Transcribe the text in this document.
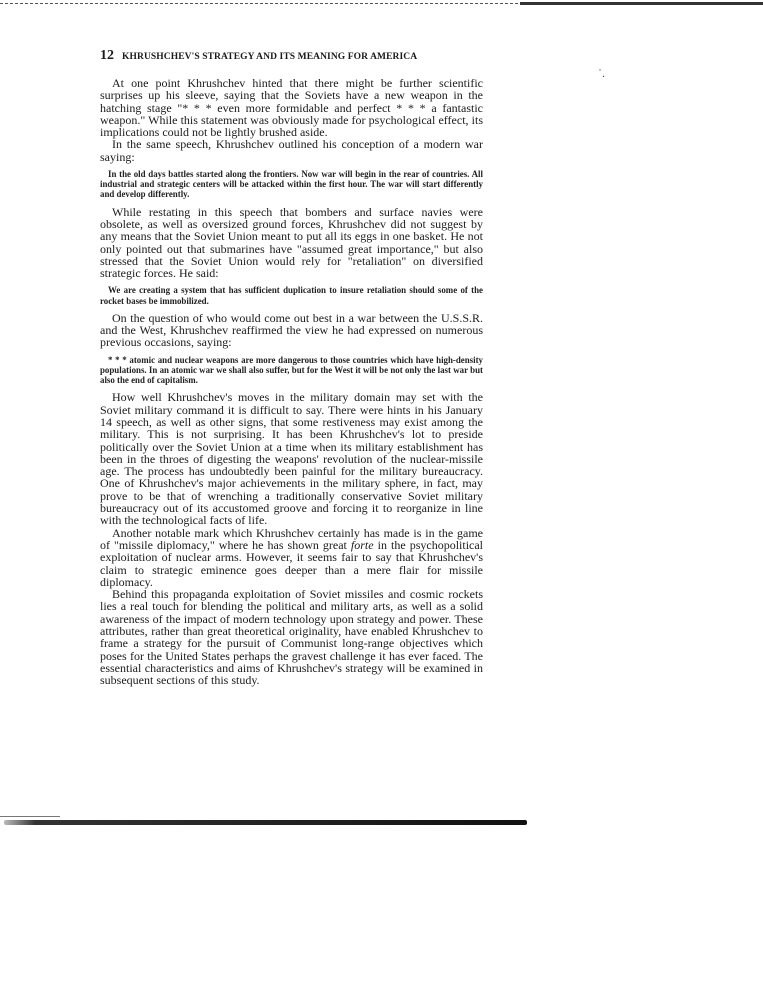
˙.
12 KHRUSHCHEV'S STRATEGY AND ITS MEANING FOR AMERICA

At one point Khrushchev hinted that there might be further scientific surprises up his sleeve, saying that the Soviets have a new weapon in the hatching stage "* * * even more formidable and perfect * * * a fantastic weapon." While this statement was obviously made for psychological effect, its implications could not be lightly brushed aside.

In the same speech, Khrushchev outlined his conception of a modern war saying:

In the old days battles started along the frontiers. Now war will begin in the rear of countries. All industrial and strategic centers will be attacked within the first hour. The war will start differently and develop differently.

While restating in this speech that bombers and surface navies were obsolete, as well as oversized ground forces, Khrushchev did not suggest by any means that the Soviet Union meant to put all its eggs in one basket. He not only pointed out that submarines have "assumed great importance," but also stressed that the Soviet Union would rely for "retaliation" on diversified strategic forces. He said:

We are creating a system that has sufficient duplication to insure retaliation should some of the rocket bases be immobilized.

On the question of who would come out best in a war between the U.S.S.R. and the West, Khrushchev reaffirmed the view he had expressed on numerous previous occasions, saying:

* * * atomic and nuclear weapons are more dangerous to those countries which have high-density populations. In an atomic war we shall also suffer, but for the West it will be not only the last war but also the end of capitalism.

How well Khrushchev's moves in the military domain may set with the Soviet military command it is difficult to say. There were hints in his January 14 speech, as well as other signs, that some restiveness may exist among the military. This is not surprising. It has been Khrushchev's lot to preside politically over the Soviet Union at a time when its military establishment has been in the throes of digesting the weapons' revolution of the nuclear-missile age. The process has undoubtedly been painful for the military bureaucracy. One of Khrushchev's major achievements in the military sphere, in fact, may prove to be that of wrenching a traditionally conservative Soviet military bureaucracy out of its accustomed groove and forcing it to reorganize in line with the technological facts of life.

Another notable mark which Khrushchev certainly has made is in the game of "missile diplomacy," where he has shown great forte in the psychopolitical exploitation of nuclear arms. However, it seems fair to say that Khrushchev's claim to strategic eminence goes deeper than a mere flair for missile diplomacy.

Behind this propaganda exploitation of Soviet missiles and cosmic rockets lies a real touch for blending the political and military arts, as well as a solid awareness of the impact of modern technology upon strategy and power. These attributes, rather than great theoretical originality, have enabled Khrushchev to frame a strategy for the pursuit of Communist long-range objectives which poses for the United States perhaps the gravest challenge it has ever faced. The essential characteristics and aims of Khrushchev's strategy will be examined in subsequent sections of this study.
